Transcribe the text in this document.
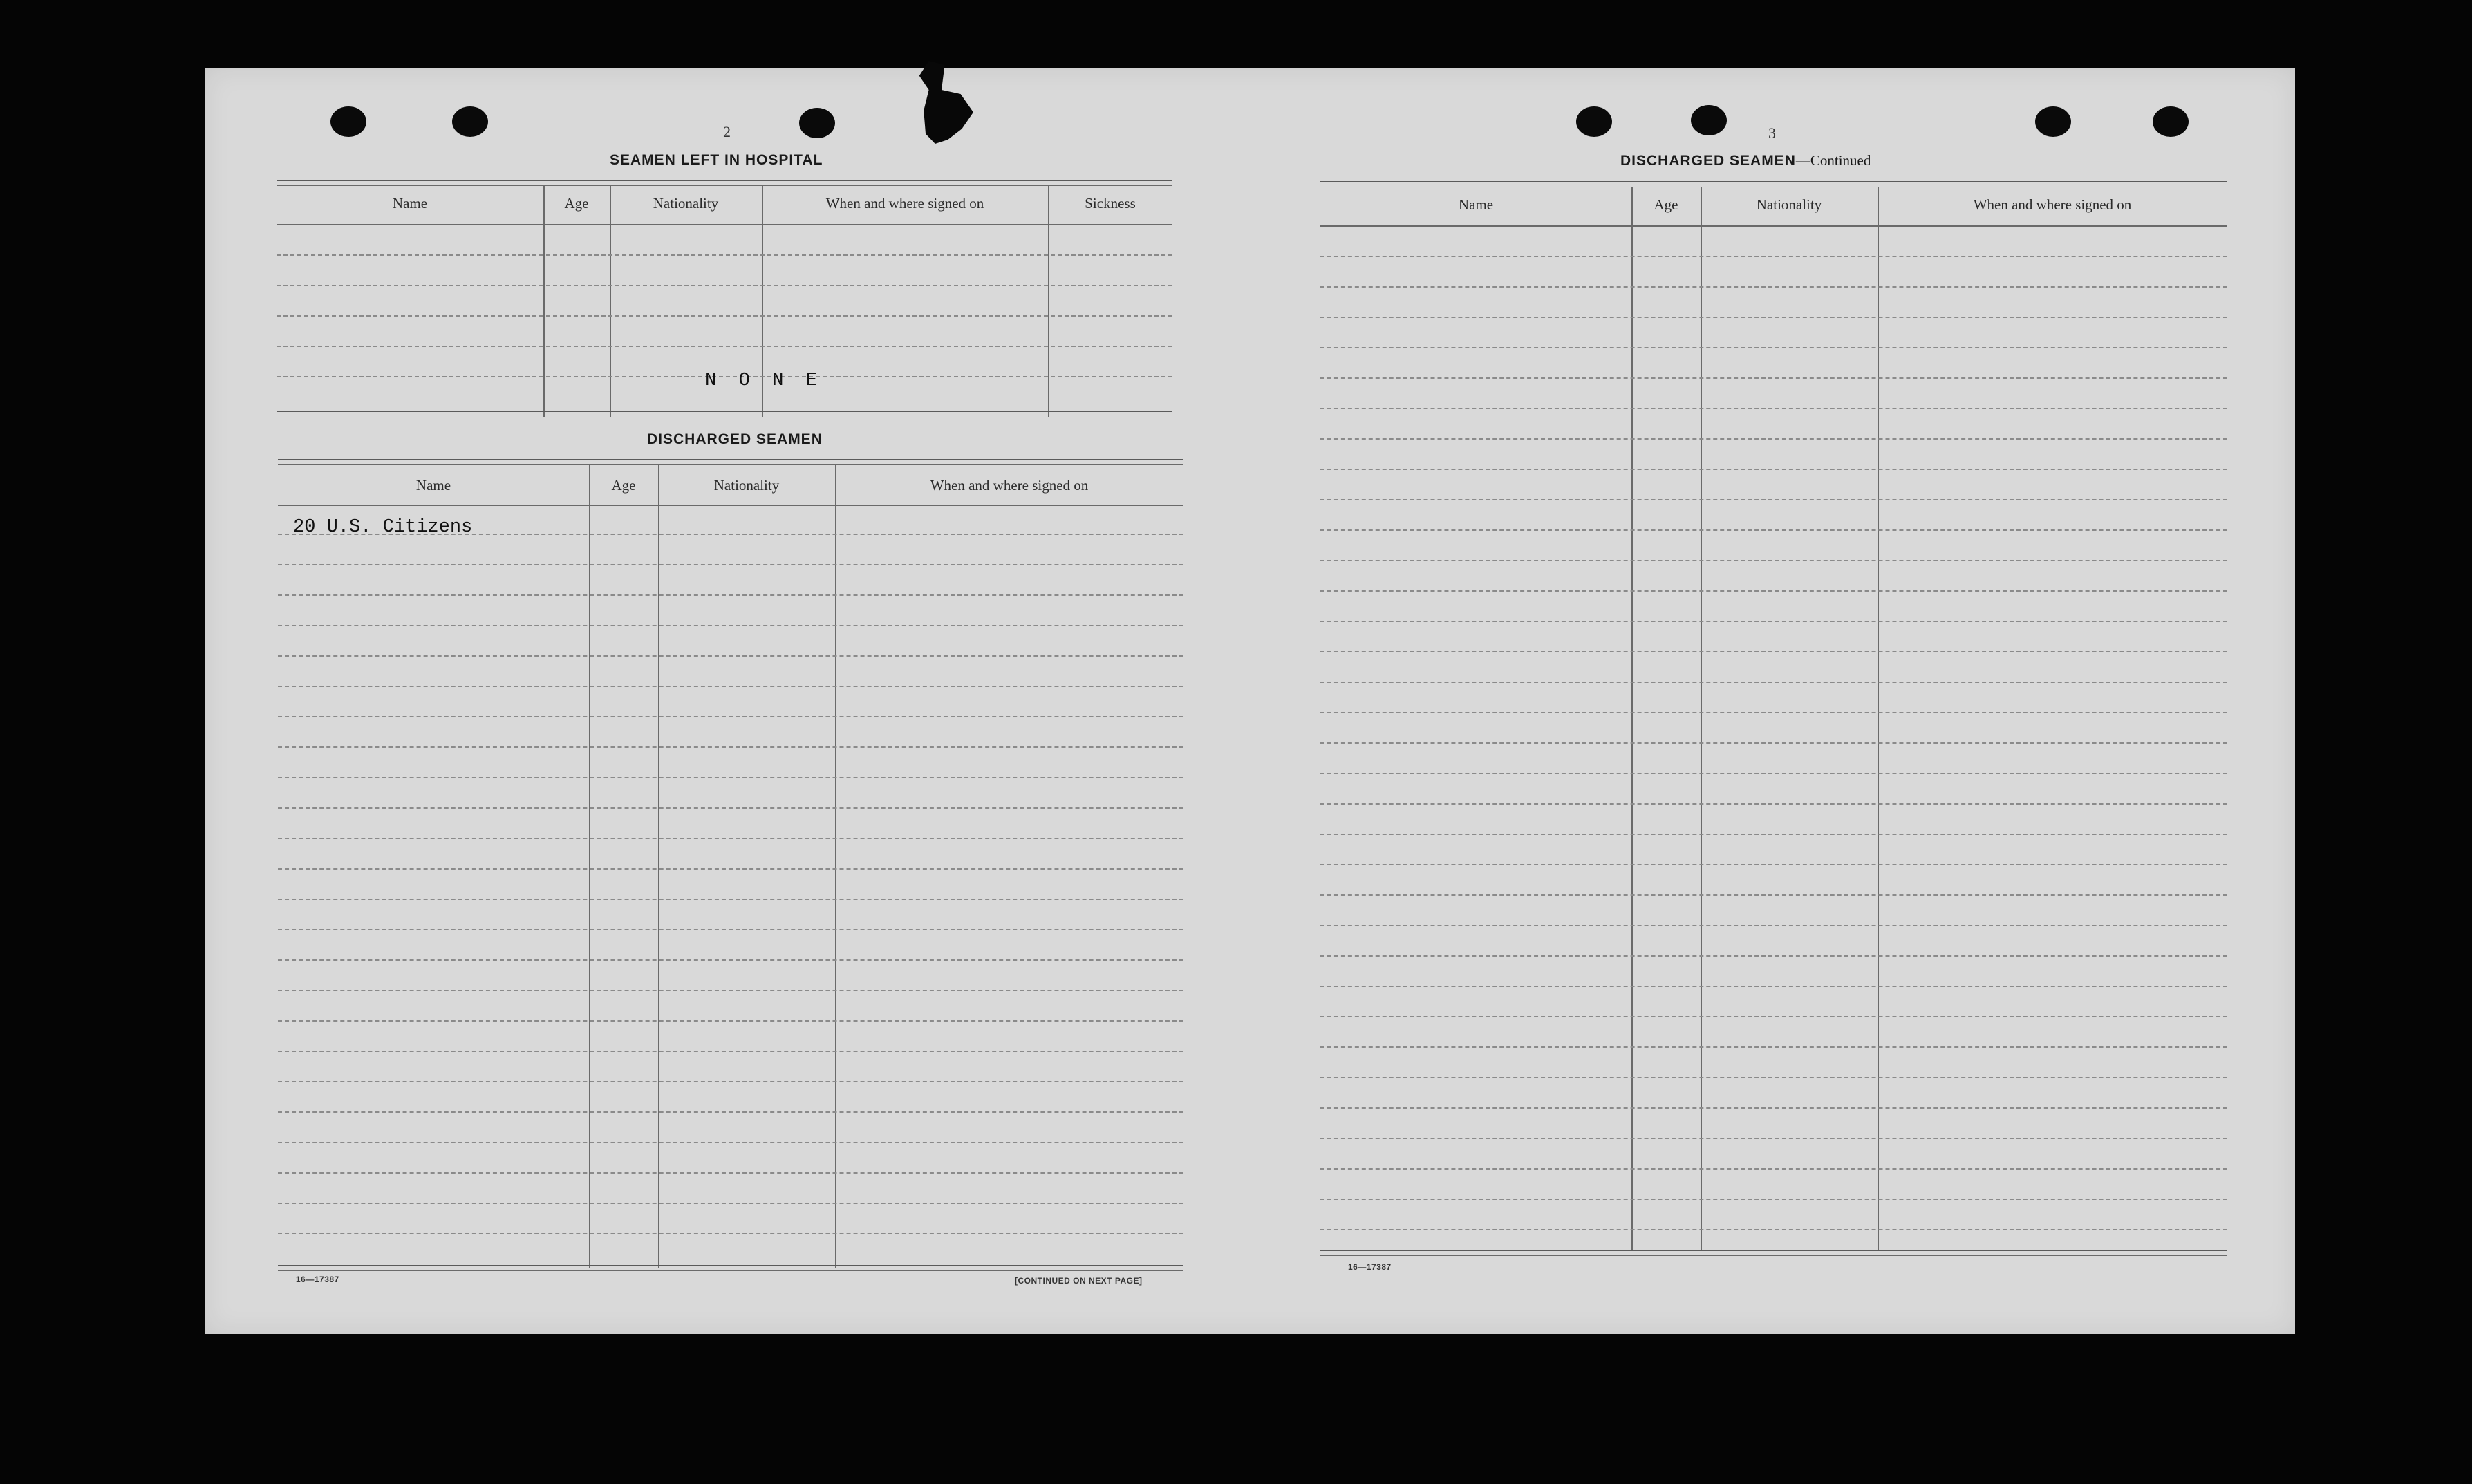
2
SEAMEN LEFT IN HOSPITAL
Name	Age	Nationality	When and where signed on	Sickness
N  O  N  E
DISCHARGED SEAMEN
Name	Age	Nationality	When and where signed on
20 U.S. Citizens
16—17387	[CONTINUED ON NEXT PAGE]
3
DISCHARGED SEAMEN—Continued
Name	Age	Nationality	When and where signed on
16—17387
